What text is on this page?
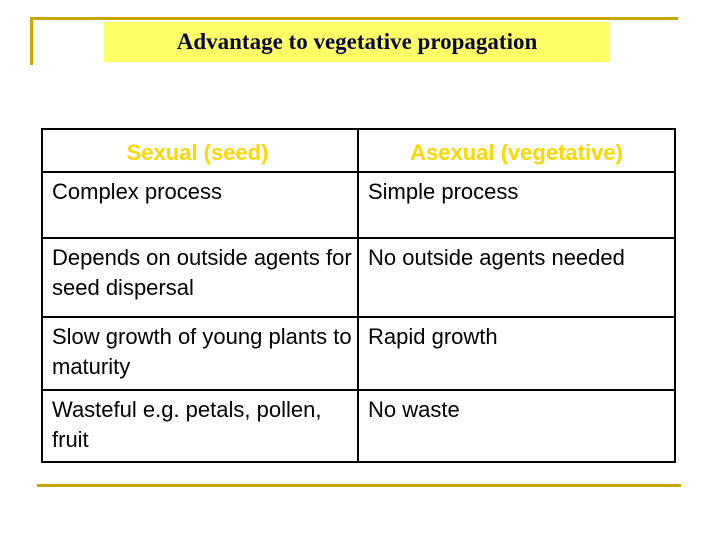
Advantage to vegetative propagation
Sexual (seed)	Asexual (vegetative)

Complex process	Simple process

Depends on outside agents for seed dispersal	No outside agents needed

Slow growth of young plants to maturity	Rapid growth

Wasteful e.g. petals, pollen, fruit	No waste
